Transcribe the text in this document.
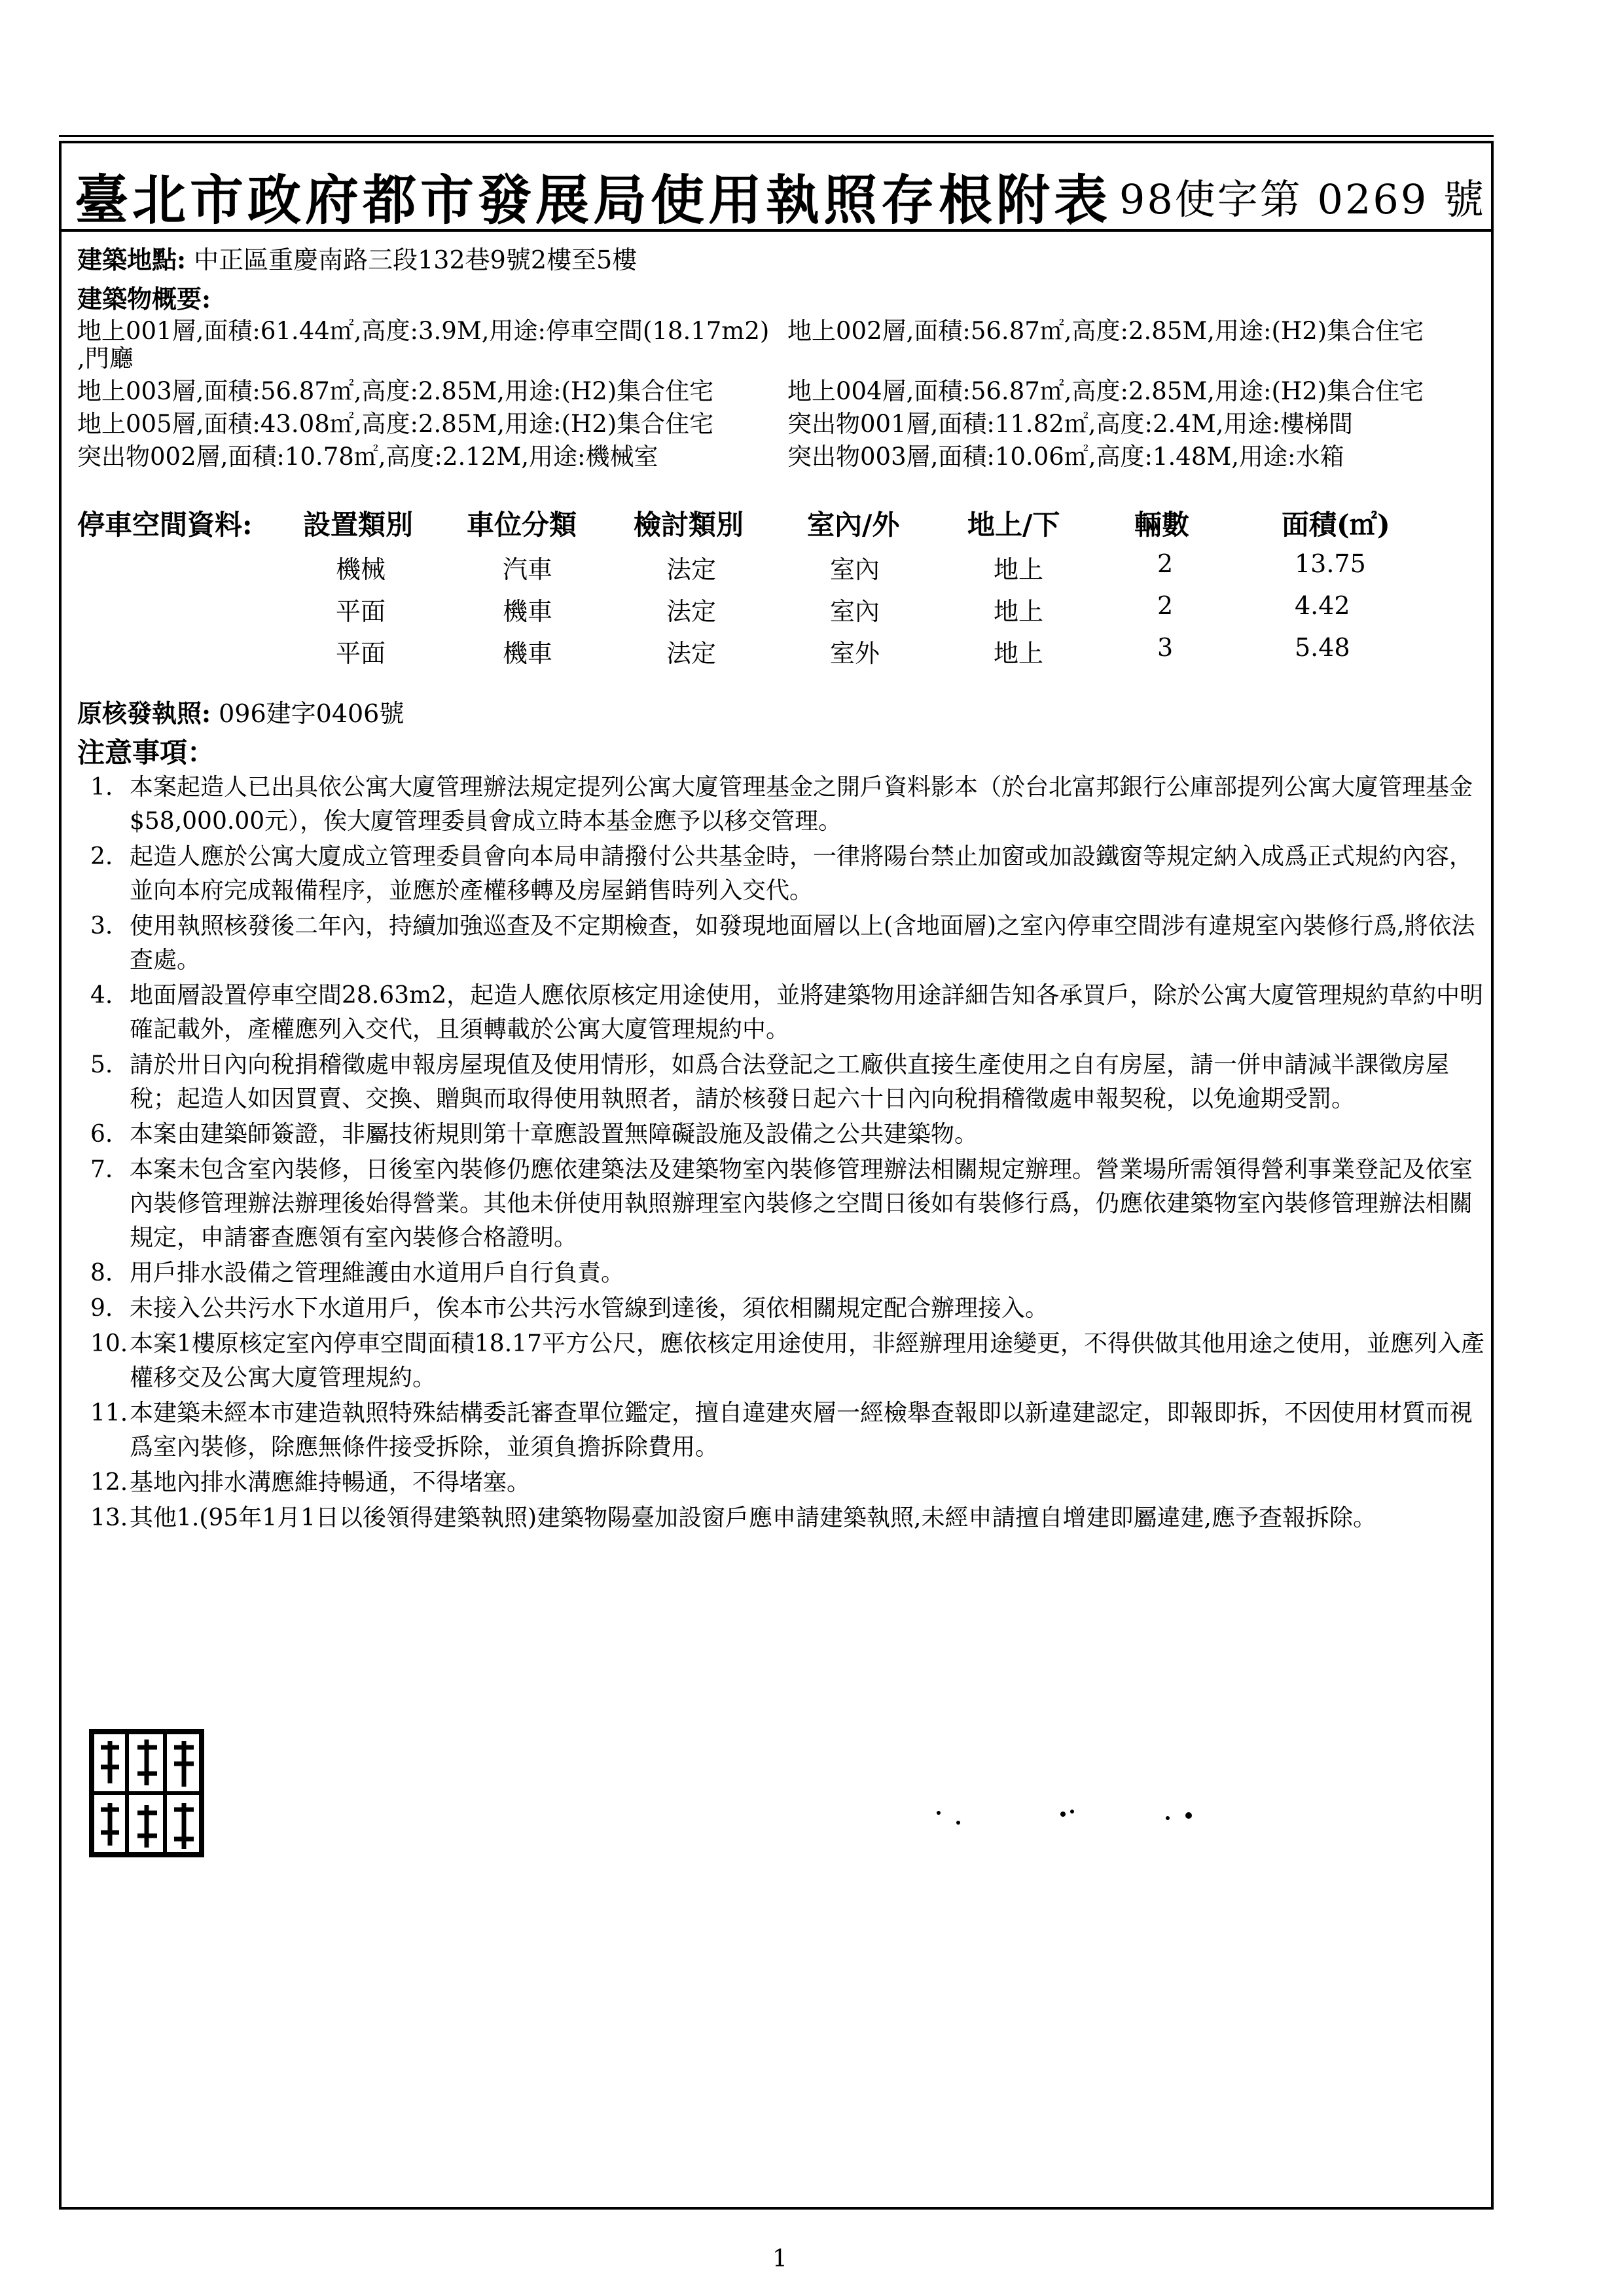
臺北市政府都市發展局使用執照存根附表 98使字第 0269 號
建築地點: 中正區重慶南路三段132巷9號2樓至5樓
建築物概要:
地上001層,面積:61.44㎡,高度:3.9M,用途:停車空間(18.17m2) 地上002層,面積:56.87㎡,高度:2.85M,用途:(H2)集合住宅
,門廳
地上003層,面積:56.87㎡,高度:2.85M,用途:(H2)集合住宅	地上004層,面積:56.87㎡,高度:2.85M,用途:(H2)集合住宅
地上005層,面積:43.08㎡,高度:2.85M,用途:(H2)集合住宅	突出物001層,面積:11.82㎡,高度:2.4M,用途:樓梯間
突出物002層,面積:10.78㎡,高度:2.12M,用途:機械室	突出物003層,面積:10.06㎡,高度:1.48M,用途:水箱
停車空間資料: 設置類別 車位分類 檢討類別 室內/外 地上/下	輛數	面積(㎡)
機械	汽車	法定	室內	地上	2	13.75
平面	機車	法定	室內	地上	2	4.42
平面	機車	法定	室外	地上	3	5.48
原核發執照: 096建字0406號
注意事項：
1. 本案起造人已出具依公寓大廈管理辦法規定提列公寓大廈管理基金之開戶資料影本（於台北富邦銀行公庫部提列公寓大廈管理基金$58,000.00元），俟大廈管理委員會成立時本基金應予以移交管理。
2. 起造人應於公寓大廈成立管理委員會向本局申請撥付公共基金時，一律將陽台禁止加窗或加設鐵窗等規定納入成爲正式規約內容，並向本府完成報備程序，並應於產權移轉及房屋銷售時列入交代。
3. 使用執照核發後二年內，持續加強巡查及不定期檢查，如發現地面層以上(含地面層)之室內停車空間涉有違規室內裝修行爲,將依法查處。
4. 地面層設置停車空間28.63m2，起造人應依原核定用途使用，並將建築物用途詳細告知各承買戶，除於公寓大廈管理規約草約中明確記載外，產權應列入交代，且須轉載於公寓大廈管理規約中。
5. 請於卅日內向稅捐稽徵處申報房屋現值及使用情形，如爲合法登記之工廠供直接生產使用之自有房屋，請一併申請減半課徵房屋稅；起造人如因買賣、交換、贈與而取得使用執照者，請於核發日起六十日內向稅捐稽徵處申報契稅，以免逾期受罰。
6. 本案由建築師簽證，非屬技術規則第十章應設置無障礙設施及設備之公共建築物。
7. 本案未包含室內裝修，日後室內裝修仍應依建築法及建築物室內裝修管理辦法相關規定辦理。營業場所需領得營利事業登記及依室內裝修管理辦法辦理後始得營業。其他未併使用執照辦理室內裝修之空間日後如有裝修行爲，仍應依建築物室內裝修管理辦法相關規定，申請審查應領有室內裝修合格證明。
8. 用戶排水設備之管理維護由水道用戶自行負責。
9. 未接入公共污水下水道用戶，俟本市公共污水管線到達後，須依相關規定配合辦理接入。
10. 本案1樓原核定室內停車空間面積18.17平方公尺，應依核定用途使用，非經辦理用途變更，不得供做其他用途之使用，並應列入產權移交及公寓大廈管理規約。
11. 本建築未經本市建造執照特殊結構委託審查單位鑑定，擅自違建夾層一經檢舉查報即以新違建認定，即報即拆，不因使用材質而視爲室內裝修，除應無條件接受拆除，並須負擔拆除費用。
12. 基地內排水溝應維持暢通，不得堵塞。
13. 其他1.(95年1月1日以後領得建築執照)建築物陽臺加設窗戶應申請建築執照,未經申請擅自增建即屬違建,應予查報拆除。
1
